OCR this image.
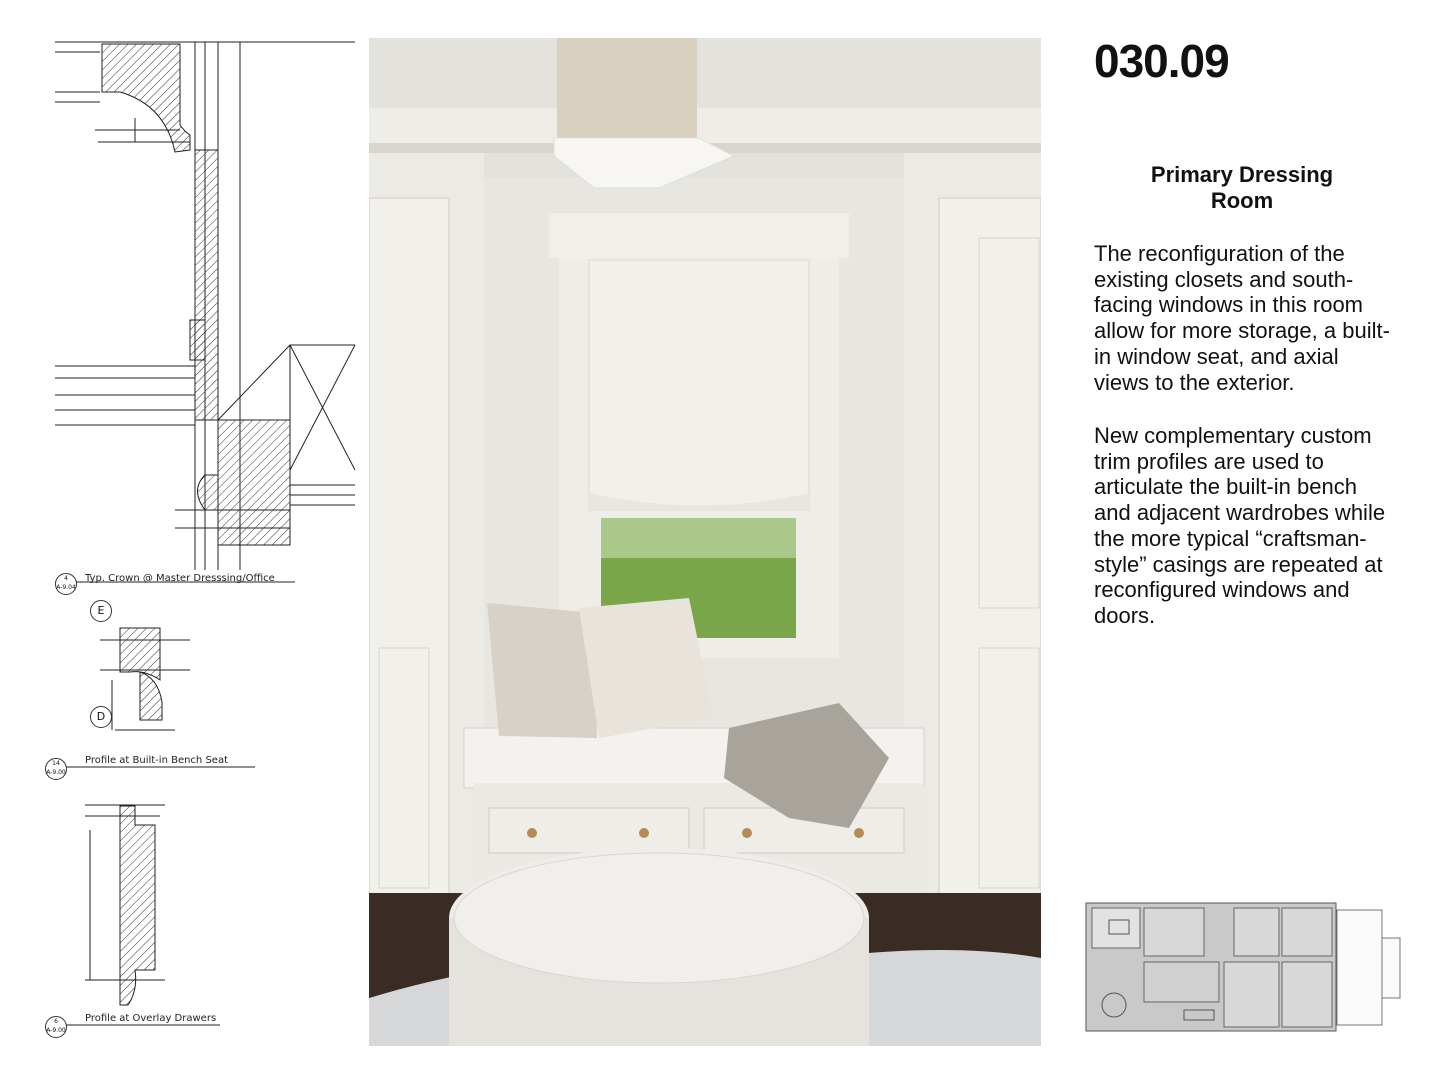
4
A-9.04
Typ. Crown @ Master Dresssing/Office
E
D
14
A-9.00
Profile at Built-in Bench Seat
6
A-9.00
Profile at Overlay Drawers
030.09
Primary Dressing Room

The reconfiguration of the existing closets and south-facing windows in this room allow for more storage, a built-in window seat, and axial views to the exterior.

New complementary custom trim profiles are used to articulate the built-in bench and adjacent wardrobes while the more typical “craftsman-style” casings are repeated at reconfigured windows and doors.
